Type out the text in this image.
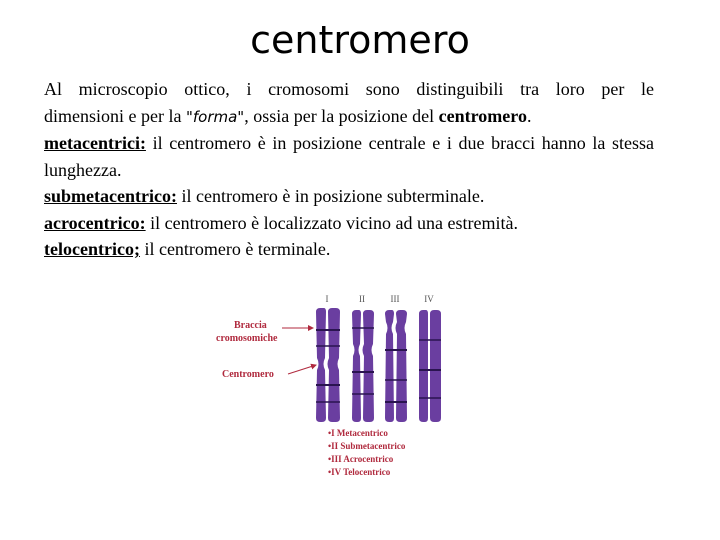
centromero

Al microscopio ottico, i cromosomi sono distinguibili tra loro per le

dimensioni e per la "forma", ossia per la posizione del centromero.

metacentrici: il centromero è in posizione centrale e i due bracci hanno la stessa lunghezza.

submetacentrico: il centromero è in posizione subterminale.

acrocentrico: il centromero è localizzato vicino ad una estremità.

telocentrico; il centromero è terminale.

I	II	III	IV
Braccia
cromosomiche
Centromero
•I Metacentrico
•II Submetacentrico
•III Acrocentrico
•IV Telocentrico
